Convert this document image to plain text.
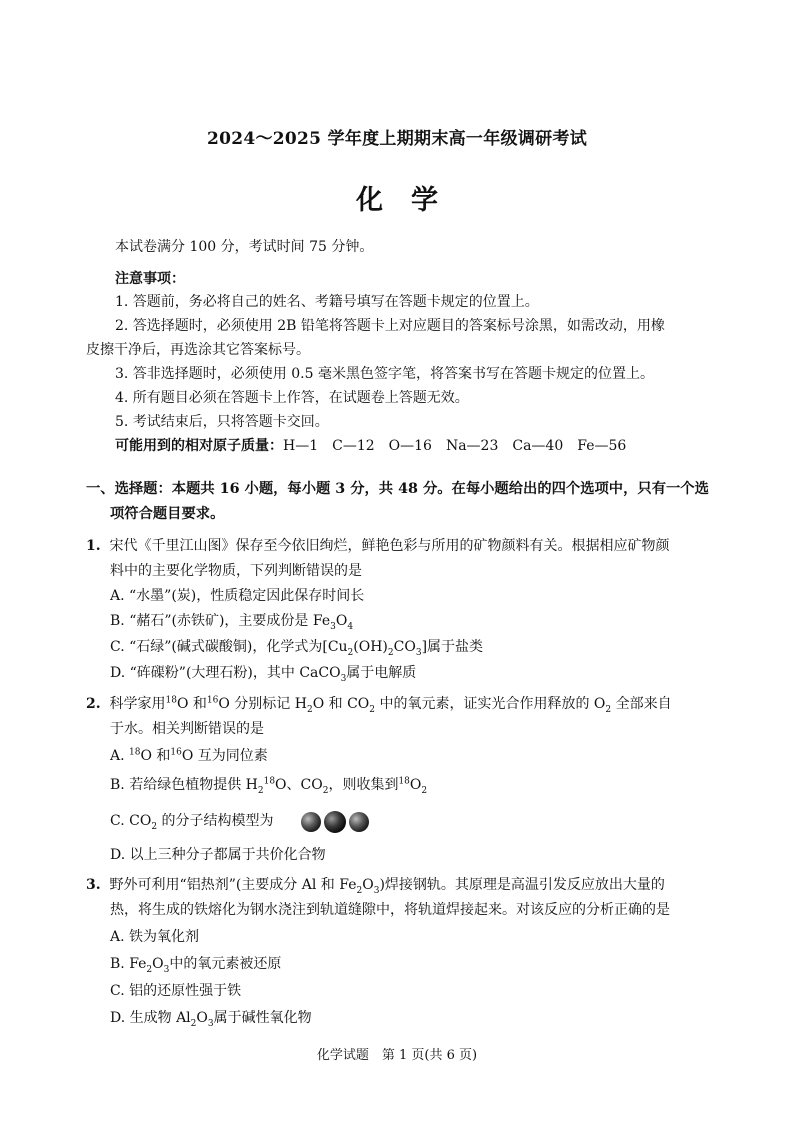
2024～2025 学年度上期期末高一年级调研考试
化学
本试卷满分 100 分，考试时间 75 分钟。
注意事项：
1. 答题前，务必将自己的姓名、考籍号填写在答题卡规定的位置上。
2. 答选择题时，必须使用 2B 铅笔将答题卡上对应题目的答案标号涂黑，如需改动，用橡
皮擦干净后，再选涂其它答案标号。
3. 答非选择题时，必须使用 0.5 毫米黑色签字笔，将答案书写在答题卡规定的位置上。
4. 所有题目必须在答题卡上作答，在试题卷上答题无效。
5. 考试结束后，只将答题卡交回。
可能用到的相对原子质量：H—1 C—12 O—16 Na—23 Ca—40 Fe—56
一、选择题：本题共 16 小题，每小题 3 分，共 48 分。在每小题给出的四个选项中，只有一个选
项符合题目要求。
1. 宋代《千里江山图》保存至今依旧绚烂，鲜艳色彩与所用的矿物颜料有关。根据相应矿物颜
料中的主要化学物质，下列判断错误的是
A. “水墨”(炭)，性质稳定因此保存时间长
B. “赭石”(赤铁矿)，主要成份是 $Fe_3O_4$
C. “石绿”(碱式碳酸铜)，化学式为$[Cu_2(OH)_2CO_3]$属于盐类
D. “砗磲粉”(大理石粉)，其中 CaCO$_3$属于电解质
2. 科学家用$^{18}$O 和$^{16}$O 分别标记 $H_2O$ 和 $CO_2$ 中的氧元素，证实光合作用释放的 $O_2$ 全部来自
于水。相关判断错误的是
A. $^{18}$O 和$^{16}$O 互为同位素
B. 若给绿色植物提供 $H_2^{18}O$、$CO_2$，则收集到$^{18}O_2$
C. $CO_2$ 的分子结构模型为
D. 以上三种分子都属于共价化合物
3. 野外可利用“铝热剂”(主要成分 Al 和 $Fe_2O_3$)焊接钢轨。其原理是高温引发反应放出大量的
热，将生成的铁熔化为钢水浇注到轨道缝隙中，将轨道焊接起来。对该反应的分析正确的是
A. 铁为氧化剂
B. $Fe_2O_3$中的氧元素被还原
C. 铝的还原性强于铁
D. 生成物 $Al_2O_3$属于碱性氧化物
化学试题　第 1 页(共 6 页)
